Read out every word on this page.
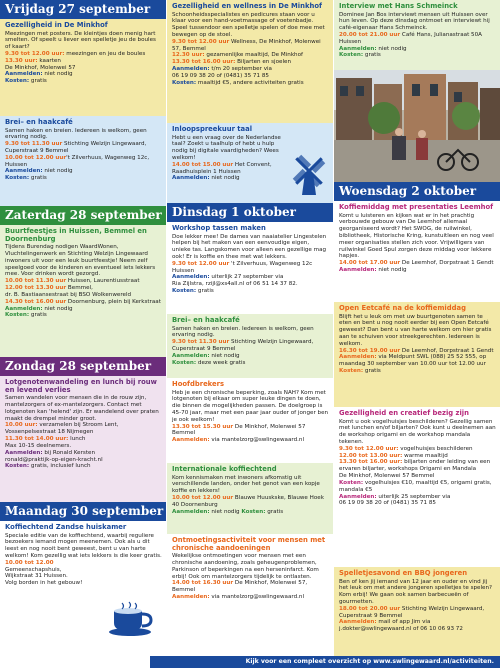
Vrijdag 27 september
Gezelligheid in De Minkhof

Meezingen met posters. De kleintjes doen menig hart smelten. Of speelt u liever een spelletje jeu de boules of kaart?

9.30 tot 12.00 uur: meezingen en jeu de boules

13.30 uur: kaarten

De Minkhof, Molenwei 57

Aanmelden: niet nodig

Kosten: gratis

Brei– en haakcafé

Samen haken en breien. Iedereen is welkom, geen ervaring nodig.

9.30 tot 11.30 uur Stichting Welzijn Lingewaard, Cuperstraat 9 Bemmel

10.00 tot 12.00 uur't Zilverhuus, Wagenweg 12c, Huissen

Aanmelden: niet nodig

Kosten: gratis

Zaterdag 28 september
Buurtfeestjes in Huissen, Bemmel en Doornenburg

Tijdens Burendag nodigen WaardWonen, Vluchtelingenwerk en Stichting Welzijn Lingewaard inwoners uit voor een leuk buurtfeestje! Neem zelf speelgoed voor de kinderen en eventueel iets lekkers mee. Voor drinken wordt gezorgd.

10.00 tot 11.30 uur Huissen, Laurentiusstraat

12.00 tot 13.30 uur Bemmel,

dr. B. Bastiaansestraat bij BSO Wolkenwereld

14.30 tot 16.00 uur Doornenburg, plein bij Kerkstraat

Aanmelden: niet nodig

Kosten: gratis

Zondag 28 september
Lotgenotenwandeling en lunch bij rouw en levend verlies

Samen wandelen voor mensen die in de rouw zijn, mantelzorgers of ex-mantelzorgers. Contact met lotgenoten kan 'helend' zijn. Er wandelend over praten maakt de drempel minder groot.

10.00 uur: verzamelen bij Stroom Lent, Vossenpelsestraat 18 Nijmegen

11.30 tot 14.00 uur: lunch

Max 10-15 deelnemers.

Aanmelden: bij Ronald Kersten

ronald@praktijk-op-eigen-kracht.nl

Kosten: gratis, inclusief lunch

Maandag 30 september
Koffiechtend Zandse huiskamer

Speciale editie van de koffiechtend, waarbij reguliere bezoekers iemand mogen meenemen. Ook als u dit leest en nog nooit bent geweest, bent u van harte welkom! Kom gezellig wat iets lekkers is die keer gratis.

10.00 tot 12.00

Gemeenschapshuis,

Wijkstraat 31 Huissen.

Volg borden in het gebouw!

Gezelligheid en wellness in De Minkhof

Schoonheidsspecialistes en pedicures staan voor u klaar voor een hand-voetmassage of voetenbadje. Speel tussendoor een spelletje spelen of doe mee met bewegen op de stoel.

9.30 tot 12.00 uur Wellness, De Minkhof, Molenwei 57, Bemmel

12.30 uur: gezamenlijke maaltijd, De Minkhof

13.30 tot 16.00 uur: Biljarten en sjoelen

Aanmelden: t/m 20 september via

06 19 09 38 20 of (0481) 35 71 85

Kosten: maaltijd €5, andere activiteiten gratis

Inloopspreekuur taal

Hebt u een vraag over de Nederlandse taal? Zoekt u taalhulp of hebt u hulp nodig bij digitale vaardigheden? Wees welkom!

14.00 tot 15.00 uur Het Convent, Raadhuisplein 1 Huissen

Aanmelden: niet nodig

Dinsdag 1 oktober
Workshop tassen maken

Doe lekker mee! De dames van naaiatelier Lingestelen helpen bij het maken van een eenvoudige eigen, unieke tas. Langskomen voor alleen een gezellige mag ook! Er is koffie en thee met wat lekkers.

9.30 tot 12.00 uur 't Zilverhuus, Wagenweg 12c Huissen

Aanmelden: uiterlijk 27 september via

Ria Zijlstra, rzijl@xs4all.nl of 06 51 14 37 82.

Kosten: gratis

Brei– en haakcafé

Samen haken en breien. Iedereen is welkom, geen ervaring nodig.

9.30 tot 11.30 uur Stichting Welzijn Lingewaard, Cuperstraat 9 Bemmel

Aanmelden: niet nodig

Kosten: deze week gratis

Hoofdbrekers

Heb je een chronische beperking, zoals NAH? Kom met lotgenoten bij elkaar om super leuke dingen te doen, die binnen de mogelijkheden passen. De doelgroep is 45-70 jaar, maar met een paar jaar ouder of jonger ben je ook welkom!

13.30 tot 15.30 uur De Minkhof, Molenwei 57 Bemmel

Aanmelden: via mantelzorg@swlingewaard.nl

Internationale koffiechtend

Kom kennismaken met inwoners afkomstig uit verschillende landen, onder het genot van een kopje koffie en lekkers!

10.00 tot 12.00 uur Blauwe Huuskske, Blauwe Hoek 40 Doornenburg

Aanmelden: niet nodig Kosten: gratis

Ontmoetingsactiviteit voor mensen met chronische aandoeningen

Wekelijkse ontmoetingen voor mensen met een chronische aandoening, zoals geheugenproblemen, Parkinson of beperkingen na een herseninfarct. Kom erbij! Ook om mantelzorgers tijdelijk te ontlasten.

14.00 tot 16.30 uur De Minkhof, Molenwei 57, Bemmel

Aanmelden: via mantelzorg@swlingewaard.nl

Interview met Hans Schmeinck

Dominee Jan Bos interviewt mensen uit Huissen over hun leven. Op deze dinsdag ontmoet en interviewt hij café-eigenaar Hans Schmeinck.

20.00 tot 21.00 uur Café Hans, Julianastraat 50A Huissen

Aanmelden: niet nodig

Kosten: gratis

Woensdag 2 oktober
Koffiemiddag met presentaties Leemhof

Komt u luisteren en kijken wat er in het prachtig verbouwde gebouw van De Leemhof allemaal georganiseerd wordt? Het SWOG, de ruilwinkel, bibliotheek, Historische Kring, kunstuitleen en nog veel meer organisaties stellen zich voor. Vrijwilligers van ruilwinkel Goed Spul zorgen deze middag voor lekkere hapjes.

14.00 tot 17.00 uur De Leemhof, Dorpstraat 1 Gendt

Aanmelden: niet nodig

Open Eetcafé na de koffiemiddag

Blijft het u leuk om met uw buurtgenoten samen te eten en bent u nog nooit eerder bij een Open Eetcafé geweest? Dan bent u van harte welkom om hier gratis aan te schuiven voor streekgerechten. Iedereen is welkom.

16.30 tot 19.00 uur De Leemhof, Dorpstraat 1 Gendt

Aanmelden: via Meldpunt SWL (088) 25 52 555, op maandag 30 september van 10.00 uur tot 12.00 uur

Kosten: gratis

Gezelligheid en creatief bezig zijn

Komt u ook vogelhuisjes beschilderen? Gezellig samen met lunchen en/of biljarten? Ook kunt u deelnemen aan de workshop origami en de workshop mandala tekenen.

9.30 tot 12.00 uur: vogelhuisjes beschilderen

12.00 tot 13.00 uur: warme maaltijd

13.30 tot 16.00 uur: biljarten onder leiding van een ervaren biljarter, workshops Origami en Mandala

De Minkhof, Molenwei 57 Bemmel

Kosten: vogelhuisjes €10, maaltijd €5, origami gratis, mandala €5

Aanmelden: uiterlijk 25 september via

06 19 09 38 20 of (0481) 35 71 85

Spelletjesavond en BBQ jongeren

Ben of ken jij iemand van 12 jaar en ouder en vind jij het leuk om met andere jongeren spelletjes te spelen? Kom erbij! We gaan ook samen barbecueën of gourmetten.

18.00 tot 20.00 uur Stichting Welzijn Lingewaard, Cuperstraat 9 Bemmel

Aanmelden: mail of app Jim via

j.dokter@swlingewaard.nl of 06 10 06 93 72

Kijk voor een compleet overzicht op www.swlingewaard.nl/activiteiten.
